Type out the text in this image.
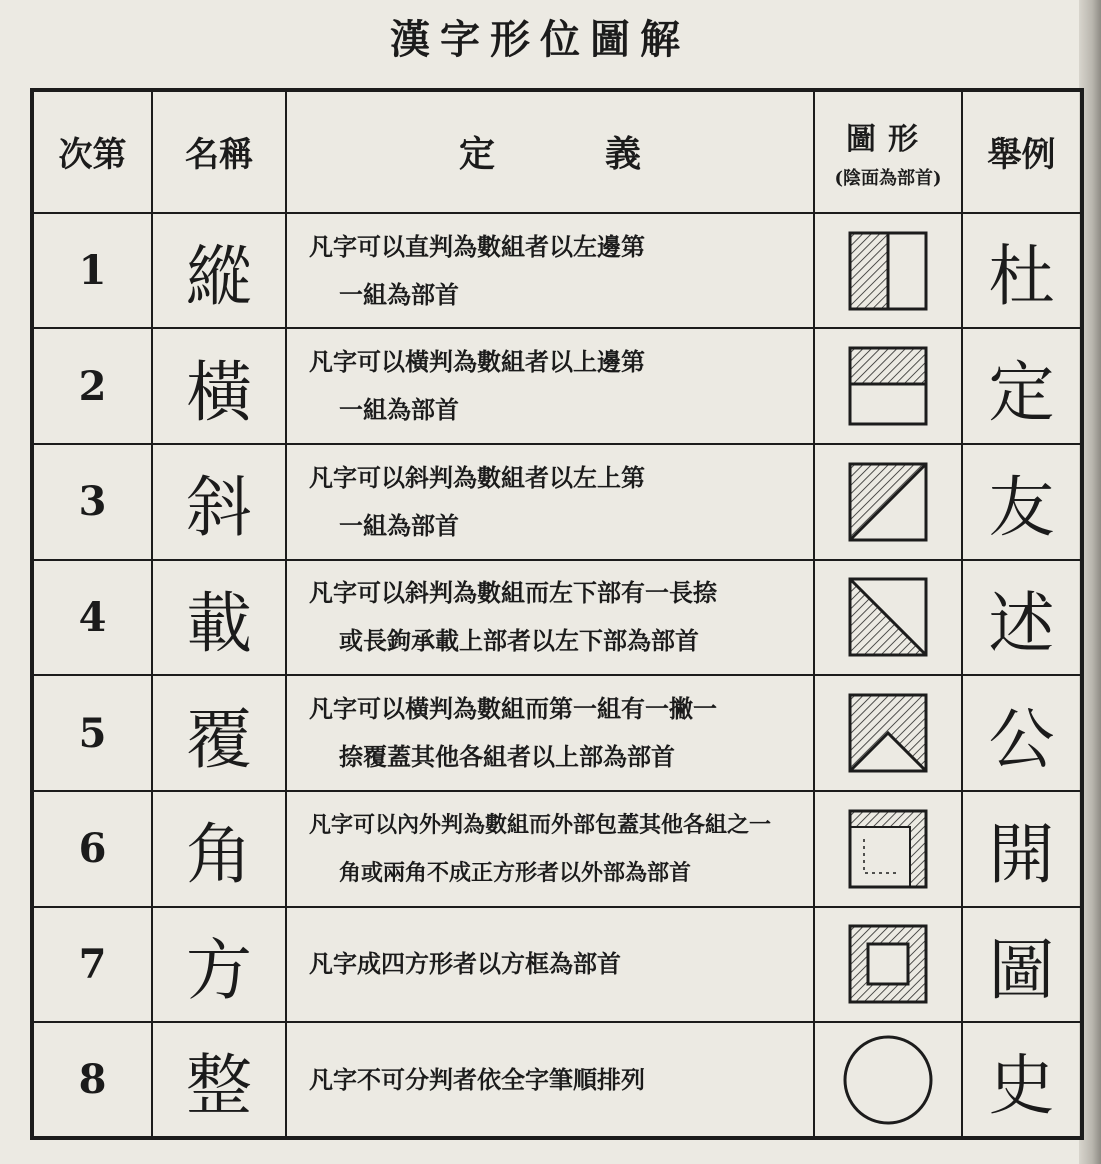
漢字形位圖解
次第	名稱	定義	圖形
(陰面為部首)	舉例
1	縱	凡字可以直判為數組者以左邊第
一組為部首		杜
2	橫	凡字可以橫判為數組者以上邊第
一組為部首		定
3	斜	凡字可以斜判為數組者以左上第
一組為部首		友
4	載	凡字可以斜判為數組而左下部有一長捺
或長鉤承載上部者以左下部為部首		述
5	覆	凡字可以橫判為數組而第一組有一撇一
捺覆蓋其他各組者以上部為部首		公
6	角	凡字可以內外判為數組而外部包蓋其他各組之一
角或兩角不成正方形者以外部為部首		開
7	方	凡字成四方形者以方框為部首		圖
8	整	凡字不可分判者依全字筆順排列		史
